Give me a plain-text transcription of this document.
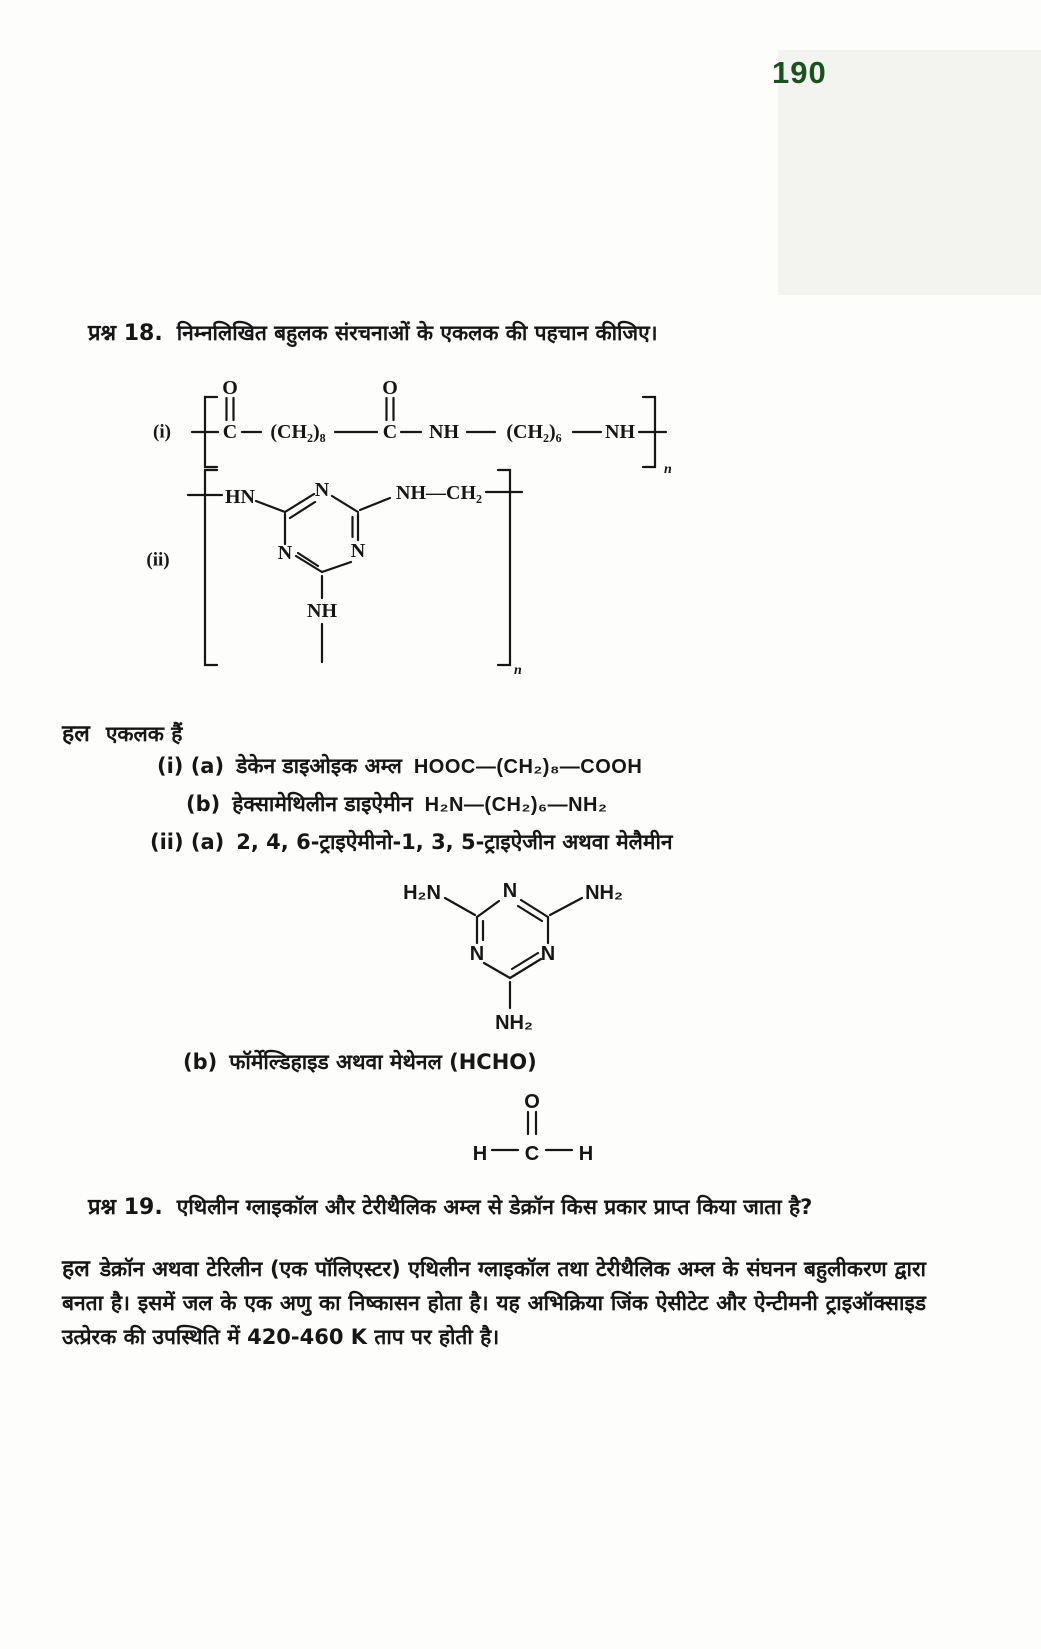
190
प्रश्न 18. निम्नलिखित बहुलक संरचनाओं के एकलक की पहचान कीजिए।
(i)
O
C (CH₂)₈
O
C NH (CH₂)₆ NH
n
(ii)
HN	N	NH—CH₂
N	N
NH
n
हल एकलक हैं
(i) (a) डेकेन डाइओइक अम्ल HOOC—(CH₂)₈—COOH
(b) हेक्सामेथिलीन डाइऐमीन H₂N—(CH₂)₆—NH₂
(ii) (a) 2, 4, 6-ट्राइऐमीनो-1, 3, 5-ट्राइऐजीन अथवा मेलैमीन
H₂N	N	NH₂
N	N
NH₂
(b) फॉर्मेल्डिहाइड अथवा मेथेनल (HCHO)
O
C
H	H
प्रश्न 19. एथिलीन ग्लाइकॉल और टेरीथैलिक अम्ल से डेक्रॉन किस प्रकार प्राप्त किया जाता है?
हल डेक्रॉन अथवा टेरिलीन (एक पॉलिएस्टर) एथिलीन ग्लाइकॉल तथा टेरीथैलिक अम्ल के संघनन बहुलीकरण द्वारा बनता है। इसमें जल के एक अणु का निष्कासन होता है। यह अभिक्रिया जिंक ऐसीटेट और ऐन्टीमनी ट्राइऑक्साइड उत्प्रेरक की उपस्थिति में 420-460 K ताप पर होती है।
